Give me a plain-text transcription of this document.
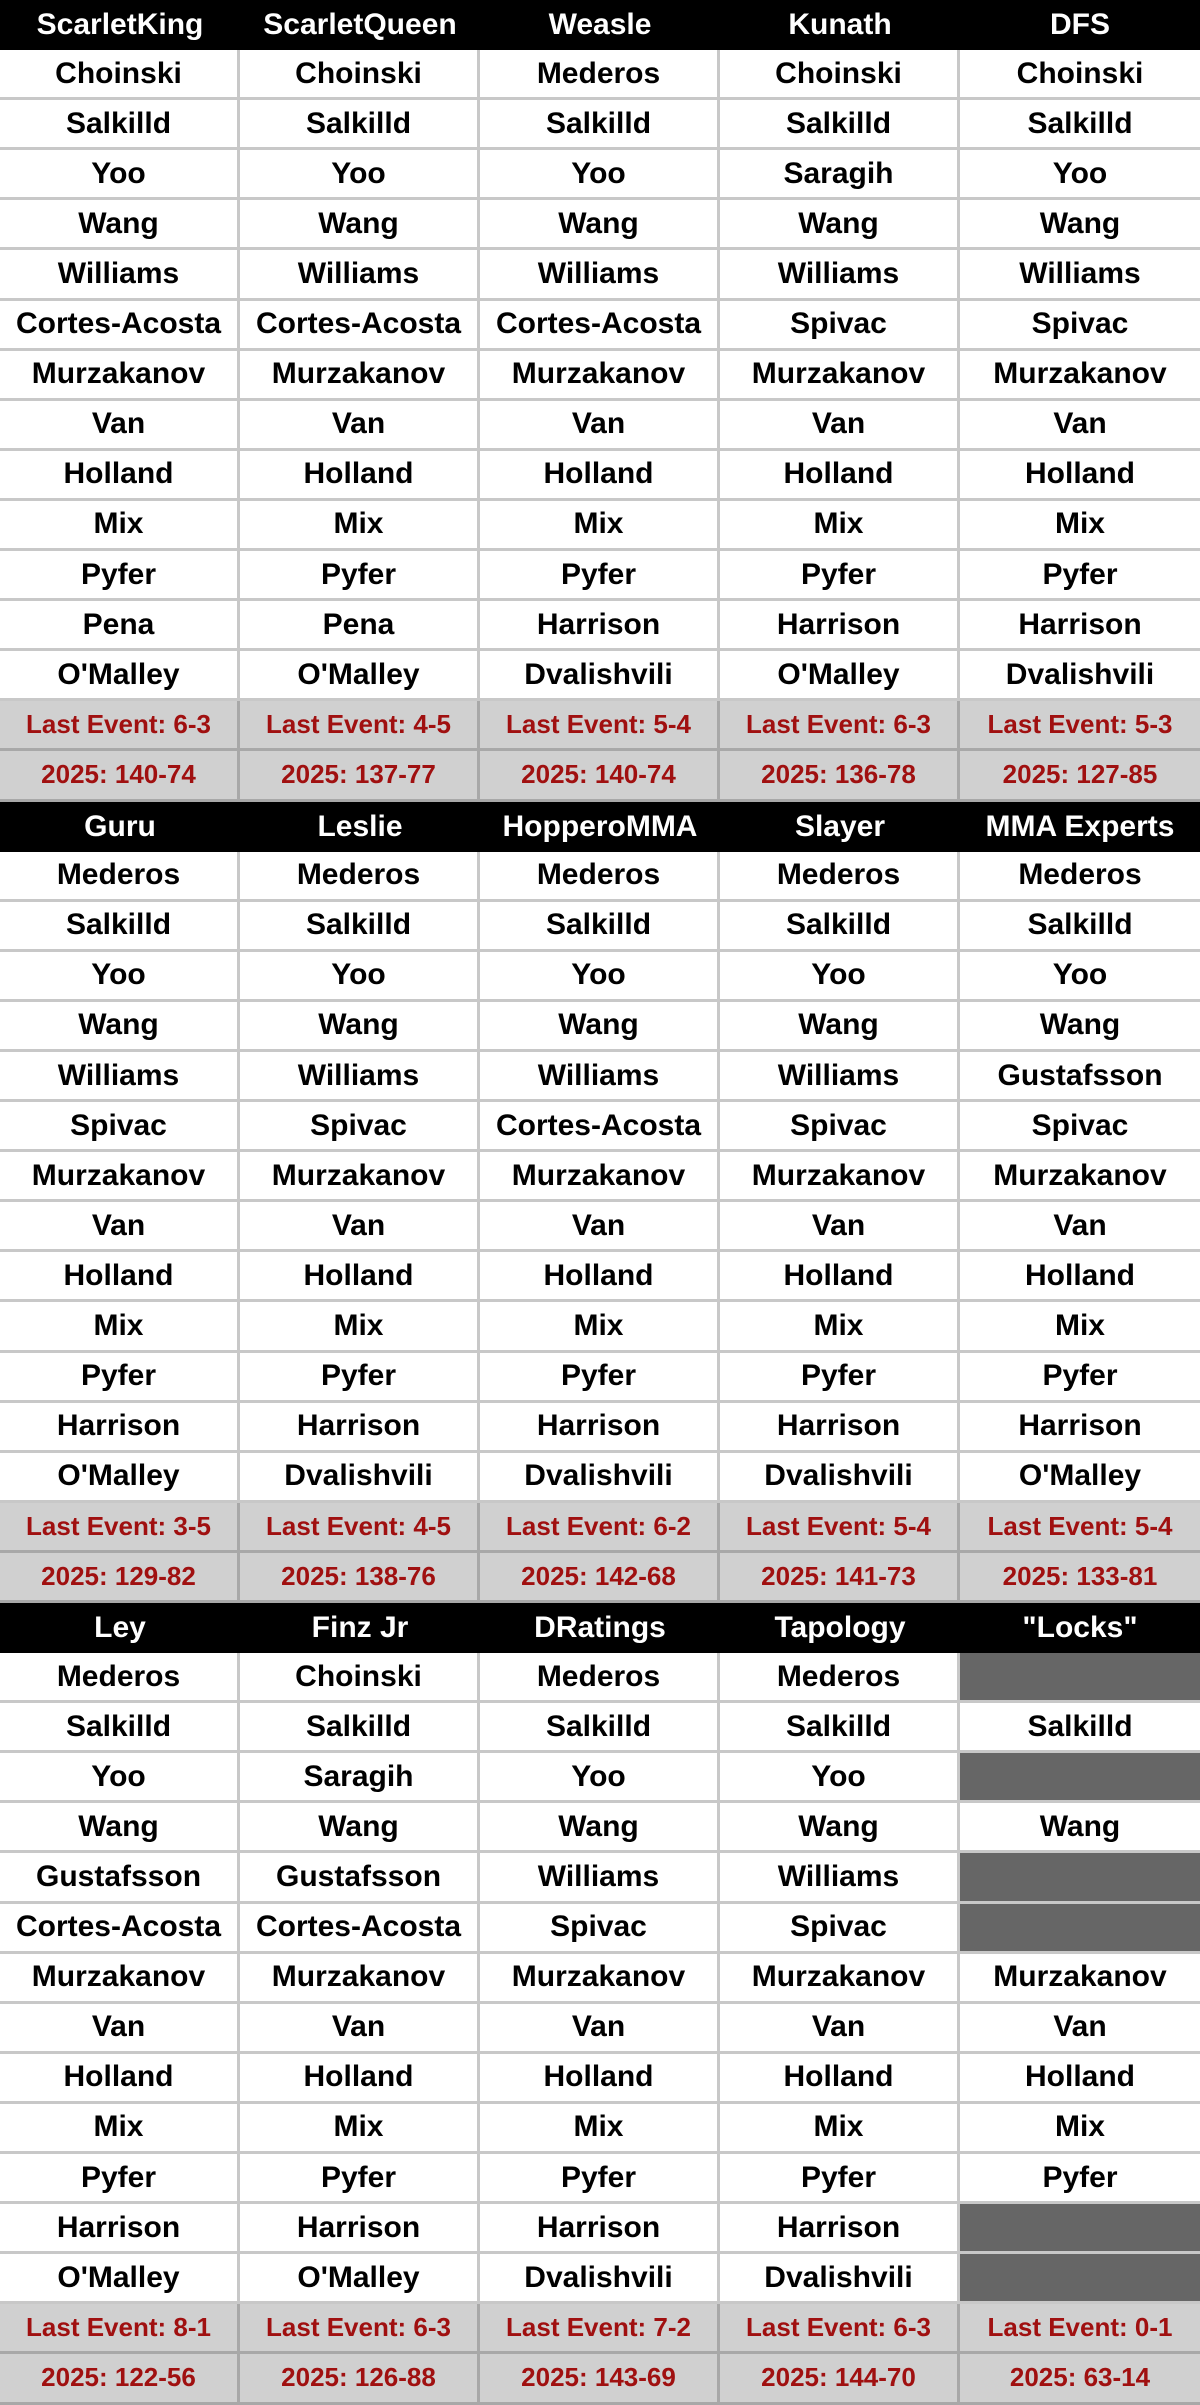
ScarletKing	ScarletQueen	Weasle	Kunath	DFS
Choinski	Choinski	Mederos	Choinski	Choinski
Salkilld	Salkilld	Salkilld	Salkilld	Salkilld
Yoo	Yoo	Yoo	Saragih	Yoo
Wang	Wang	Wang	Wang	Wang
Williams	Williams	Williams	Williams	Williams
Cortes-Acosta	Cortes-Acosta	Cortes-Acosta	Spivac	Spivac
Murzakanov	Murzakanov	Murzakanov	Murzakanov	Murzakanov
Van	Van	Van	Van	Van
Holland	Holland	Holland	Holland	Holland
Mix	Mix	Mix	Mix	Mix
Pyfer	Pyfer	Pyfer	Pyfer	Pyfer
Pena	Pena	Harrison	Harrison	Harrison
O'Malley	O'Malley	Dvalishvili	O'Malley	Dvalishvili
Last Event: 6-3	Last Event: 4-5	Last Event: 5-4	Last Event: 6-3	Last Event: 5-3
2025: 140-74	2025: 137-77	2025: 140-74	2025: 136-78	2025: 127-85
Guru	Leslie	HopperoMMA	Slayer	MMA Experts
Mederos	Mederos	Mederos	Mederos	Mederos
Salkilld	Salkilld	Salkilld	Salkilld	Salkilld
Yoo	Yoo	Yoo	Yoo	Yoo
Wang	Wang	Wang	Wang	Wang
Williams	Williams	Williams	Williams	Gustafsson
Spivac	Spivac	Cortes-Acosta	Spivac	Spivac
Murzakanov	Murzakanov	Murzakanov	Murzakanov	Murzakanov
Van	Van	Van	Van	Van
Holland	Holland	Holland	Holland	Holland
Mix	Mix	Mix	Mix	Mix
Pyfer	Pyfer	Pyfer	Pyfer	Pyfer
Harrison	Harrison	Harrison	Harrison	Harrison
O'Malley	Dvalishvili	Dvalishvili	Dvalishvili	O'Malley
Last Event: 3-5	Last Event: 4-5	Last Event: 6-2	Last Event: 5-4	Last Event: 5-4
2025: 129-82	2025: 138-76	2025: 142-68	2025: 141-73	2025: 133-81
Ley	Finz Jr	DRatings	Tapology	"Locks"
Mederos	Choinski	Mederos	Mederos
Salkilld	Salkilld	Salkilld	Salkilld	Salkilld
Yoo	Saragih	Yoo	Yoo
Wang	Wang	Wang	Wang	Wang
Gustafsson	Gustafsson	Williams	Williams
Cortes-Acosta	Cortes-Acosta	Spivac	Spivac
Murzakanov	Murzakanov	Murzakanov	Murzakanov	Murzakanov
Van	Van	Van	Van	Van
Holland	Holland	Holland	Holland	Holland
Mix	Mix	Mix	Mix	Mix
Pyfer	Pyfer	Pyfer	Pyfer	Pyfer
Harrison	Harrison	Harrison	Harrison
O'Malley	O'Malley	Dvalishvili	Dvalishvili
Last Event: 8-1	Last Event: 6-3	Last Event: 7-2	Last Event: 6-3	Last Event: 0-1
2025: 122-56	2025: 126-88	2025: 143-69	2025: 144-70	2025: 63-14
